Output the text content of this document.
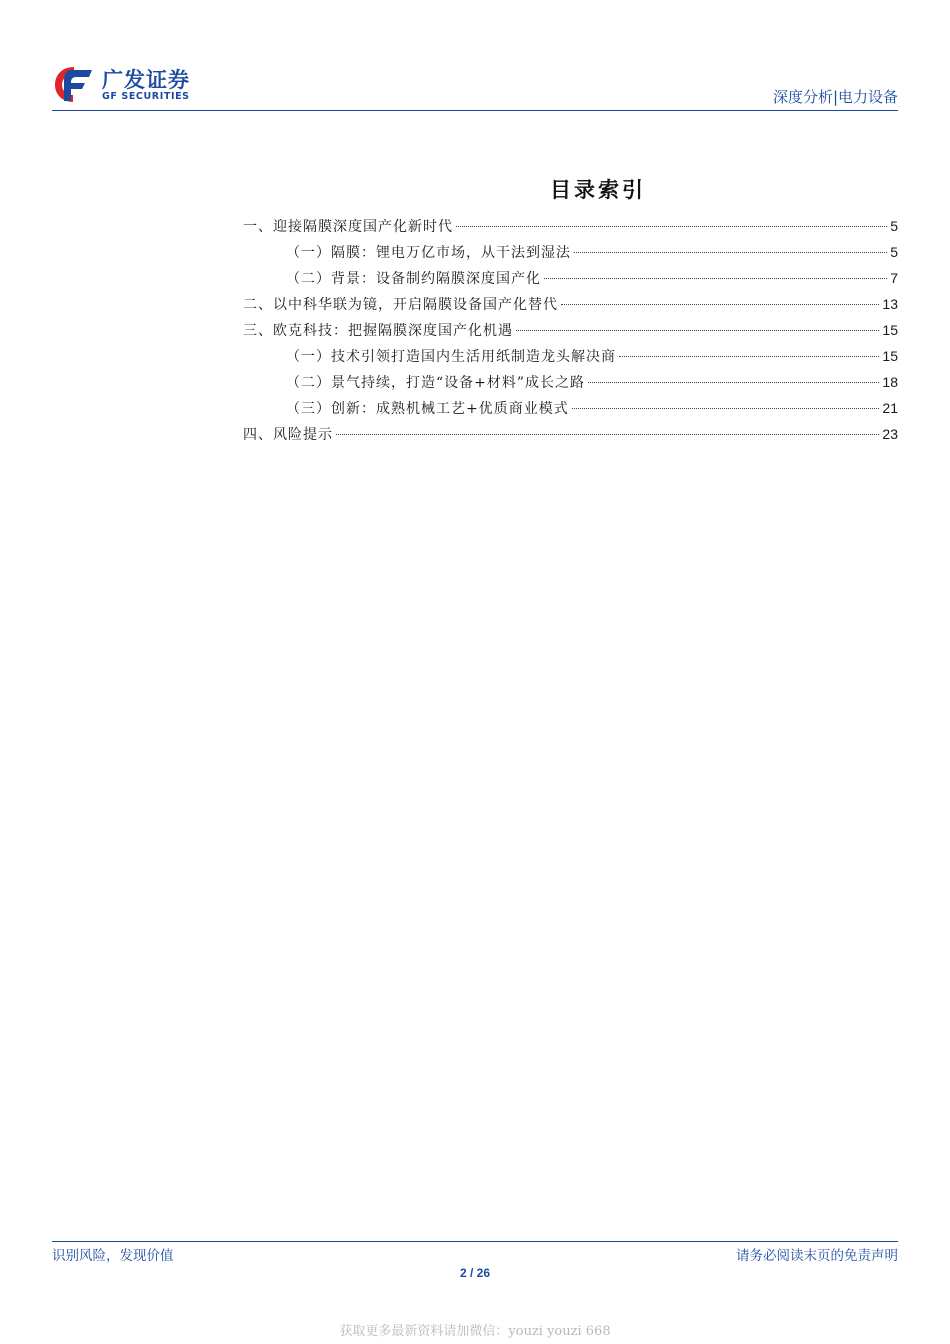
广发证券
GF SECURITIES	深度分析|电力设备
目录索引
一、迎接隔膜深度国产化新时代	5
（一）隔膜：锂电万亿市场，从干法到湿法	5
（二）背景：设备制约隔膜深度国产化	7
二、以中科华联为镜，开启隔膜设备国产化替代	13
三、欧克科技：把握隔膜深度国产化机遇	15
（一）技术引领打造国内生活用纸制造龙头解决商	15
（二）景气持续，打造“设备+材料”成长之路	18
（三）创新：成熟机械工艺+优质商业模式	21
四、风险提示	23
识别风险，发现价值	请务必阅读末页的免责声明
2 / 26
获取更多最新资料请加微信：youzi youzi 668
